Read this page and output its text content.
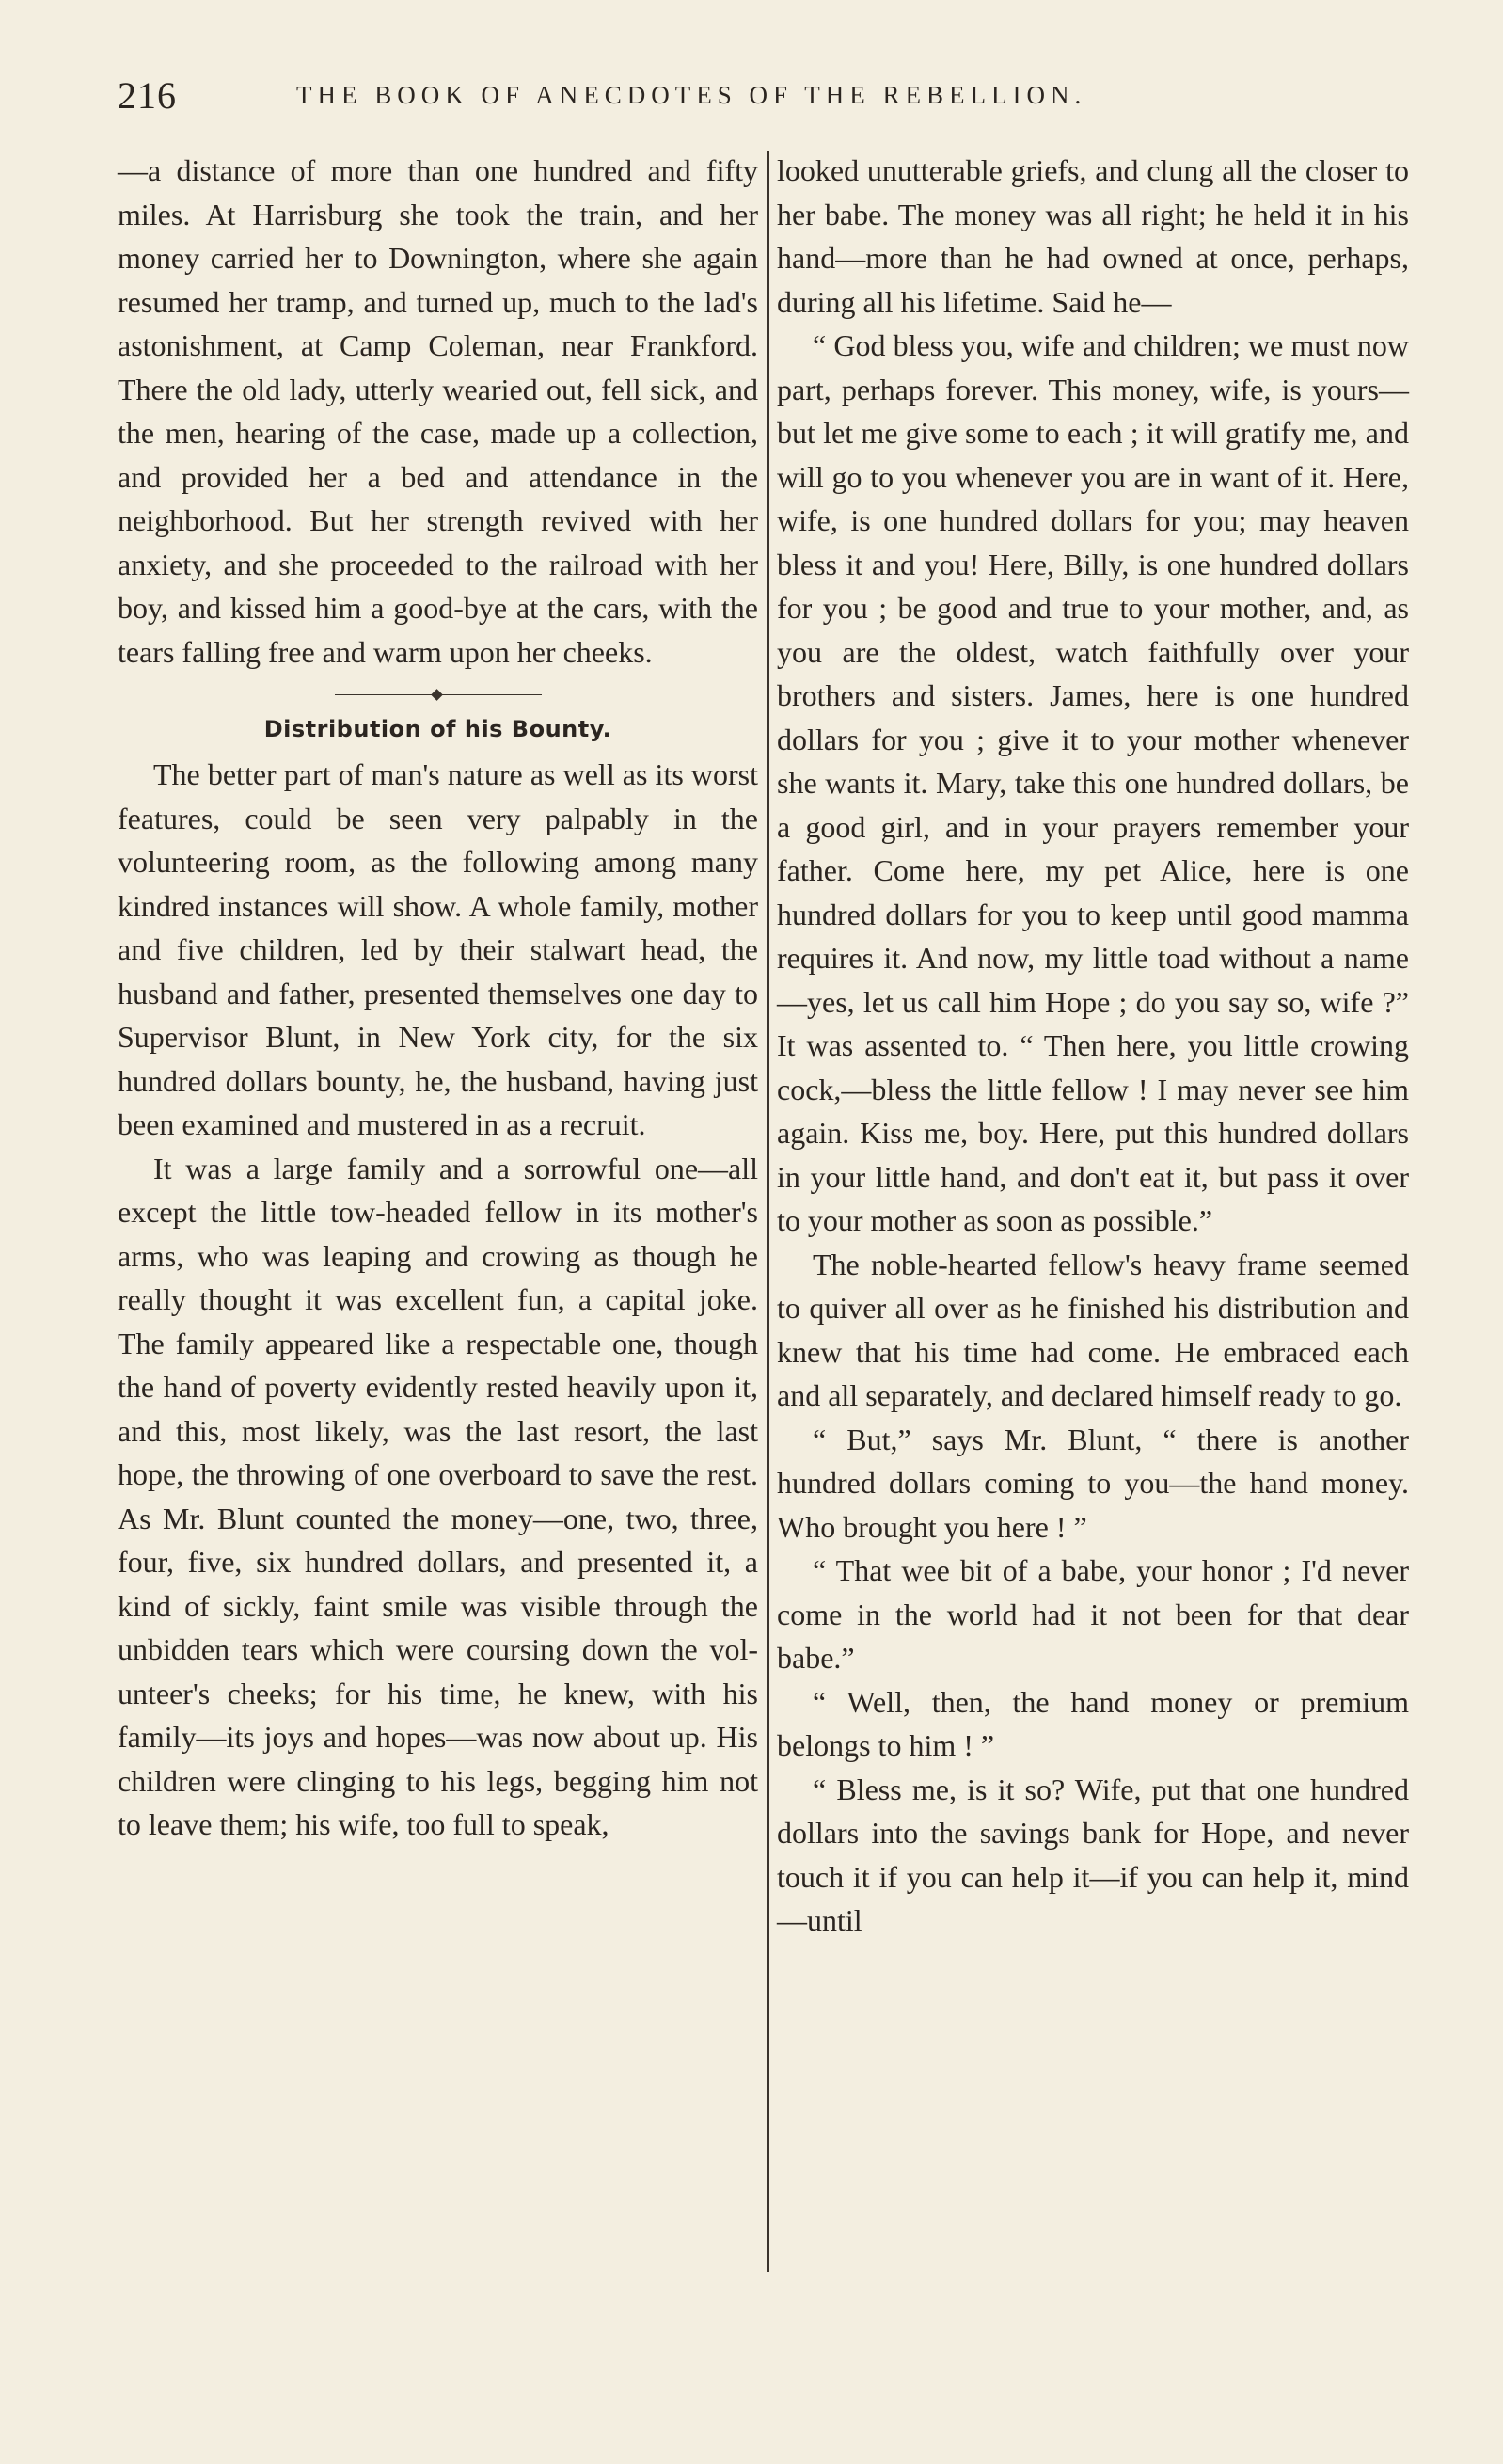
216	THE BOOK OF ANECDOTES OF THE REBELLION.

—a distance of more than one hundred and fifty miles. At Harrisburg she took the train, and her money carried her to Downington, where she again resumed her tramp, and turned up, much to the lad's astonishment, at Camp Coleman, near Frankford. There the old lady, utterly wearied out, fell sick, and the men, hearing of the case, made up a collection, and provided her a bed and attendance in the neighborhood. But her strength revived with her anxiety, and she proceeded to the railroad with her boy, and kissed him a good-bye at the cars, with the tears falling free and warm upon her cheeks.

Distribution of his Bounty.

The better part of man's nature as well as its worst features, could be seen very palpably in the volunteering room, as the following among many kindred instances will show. A whole family, mother and five children, led by their stalwart head, the husband and father, presented themselves one day to Supervisor Blunt, in New York city, for the six hundred dollars bounty, he, the husband, having just been examined and mustered in as a recruit.

It was a large family and a sorrowful one—all except the little tow-headed fellow in its mother's arms, who was leaping and crowing as though he really thought it was excellent fun, a capital joke. The family appeared like a respectable one, though the hand of poverty evidently rested heavily upon it, and this, most likely, was the last resort, the last hope, the throwing of one overboard to save the rest. As Mr. Blunt counted the money—one, two, three, four, five, six hundred dollars, and presented it, a kind of sickly, faint smile was visible through the unbidden tears which were coursing down the volunteer's cheeks; for his time, he knew, with his family—its joys and hopes—was now about up. His children were clinging to his legs, begging him not to leave them; his wife, too full to speak,

looked unutterable griefs, and clung all the closer to her babe. The money was all right; he held it in his hand—more than he had owned at once, perhaps, during all his lifetime. Said he—

“ God bless you, wife and children; we must now part, perhaps forever. This money, wife, is yours—but let me give some to each ; it will gratify me, and will go to you whenever you are in want of it. Here, wife, is one hundred dollars for you; may heaven bless it and you! Here, Billy, is one hundred dollars for you ; be good and true to your mother, and, as you are the oldest, watch faithfully over your brothers and sisters. James, here is one hundred dollars for you ; give it to your mother whenever she wants it. Mary, take this one hundred dollars, be a good girl, and in your prayers remember your father. Come here, my pet Alice, here is one hundred dollars for you to keep until good mamma requires it. And now, my little toad without a name—yes, let us call him Hope ; do you say so, wife ?” It was assented to. “ Then here, you little crowing cock,—bless the little fellow ! I may never see him again. Kiss me, boy. Here, put this hundred dollars in your little hand, and don't eat it, but pass it over to your mother as soon as possible.”

The noble-hearted fellow's heavy frame seemed to quiver all over as he finished his distribution and knew that his time had come. He embraced each and all separately, and declared himself ready to go.

“ But,” says Mr. Blunt, “ there is another hundred dollars coming to you—the hand money. Who brought you here ! ”

“ That wee bit of a babe, your honor ; I'd never come in the world had it not been for that dear babe.”

“ Well, then, the hand money or premium belongs to him ! ”

“ Bless me, is it so? Wife, put that one hundred dollars into the savings bank for Hope, and never touch it if you can help it—if you can help it, mind—until
